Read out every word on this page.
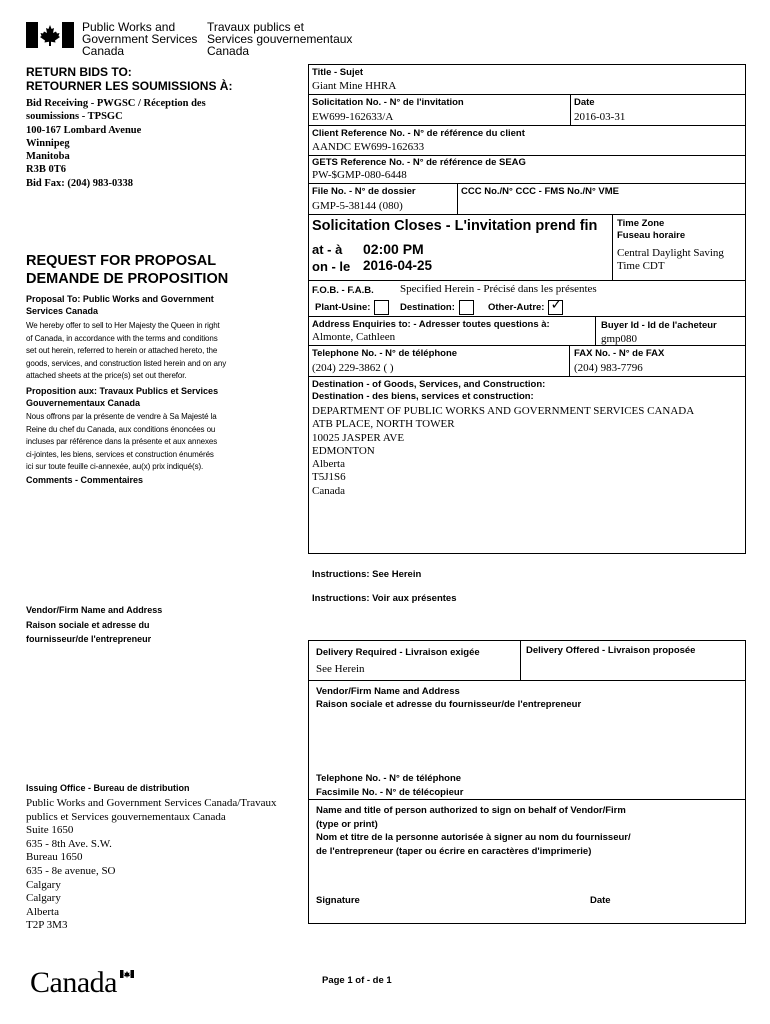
Public Works and
Government Services
Canada
Travaux publics et
Services gouvernementaux
Canada
RETURN BIDS TO:
RETOURNER LES SOUMISSIONS À:
Bid Receiving - PWGSC / Réception des
soumissions - TPSGC
100-167 Lombard Avenue
Winnipeg
Manitoba
R3B 0T6
Bid Fax: (204) 983-0338
REQUEST FOR PROPOSAL
DEMANDE DE PROPOSITION
Proposal To: Public Works and Government
Services Canada
We hereby offer to sell to Her Majesty the Queen in right
of Canada, in accordance with the terms and conditions
set out herein, referred to herein or attached hereto, the
goods, services, and construction listed herein and on any
attached sheets at the price(s) set out therefor.
Proposition aux: Travaux Publics et Services
Gouvernementaux Canada
Nous offrons par la présente de vendre à Sa Majesté la
Reine du chef du Canada, aux conditions énoncées ou
incluses par référence dans la présente et aux annexes
ci-jointes, les biens, services et construction énumérés
ici sur toute feuille ci-annexée, au(x) prix indiqué(s).
Comments - Commentaires
Vendor/Firm Name and Address
Raison sociale et adresse du
fournisseur/de l'entrepreneur
Issuing Office - Bureau de distribution
Public Works and Government Services Canada/Travaux
publics et Services gouvernementaux Canada
Suite 1650
635 - 8th Ave. S.W.
Bureau 1650
635 - 8e avenue, SO
Calgary
Calgary
Alberta
T2P 3M3
Title - Sujet
Giant Mine HHRA
Solicitation No. - N° de l'invitation
EW699-162633/A
Date
2016-03-31
Client Reference No. - N° de référence du client
AANDC EW699-162633
GETS Reference No. - N° de référence de SEAG
PW-$GMP-080-6448
File No. - N° de dossier
GMP-5-38144 (080)
CCC No./N° CCC - FMS No./N° VME
Solicitation Closes - L'invitation prend fin
at - à 02:00 PM
on - le 2016-04-25
Time Zone
Fuseau horaire
Central Daylight Saving
Time CDT
F.O.B. - F.A.B. Specified Herein - Précisé dans les présentes
Plant-Usine:	Destination:	Other-Autre: ✓
Address Enquiries to: - Adresser toutes questions à:
Almonte, Cathleen
Buyer Id - Id de l'acheteur
gmp080
Telephone No. - N° de téléphone
(204) 229-3862 ( )
FAX No. - N° de FAX
(204) 983-7796
Destination - of Goods, Services, and Construction:
Destination - des biens, services et construction:
DEPARTMENT OF PUBLIC WORKS AND GOVERNMENT SERVICES CANADA
ATB PLACE, NORTH TOWER
10025 JASPER AVE
EDMONTON
Alberta
T5J1S6
Canada
Instructions: See Herein
Instructions: Voir aux présentes
Delivery Required - Livraison exigée
See Herein
Delivery Offered - Livraison proposée
Vendor/Firm Name and Address
Raison sociale et adresse du fournisseur/de l'entrepreneur
Telephone No. - N° de téléphone
Facsimile No. - N° de télécopieur
Name and title of person authorized to sign on behalf of Vendor/Firm
(type or print)
Nom et titre de la personne autorisée à signer au nom du fournisseur/
de l'entrepreneur (taper ou écrire en caractères d'imprimerie)
Signature	Date
Canada	Page 1 of - de 1
